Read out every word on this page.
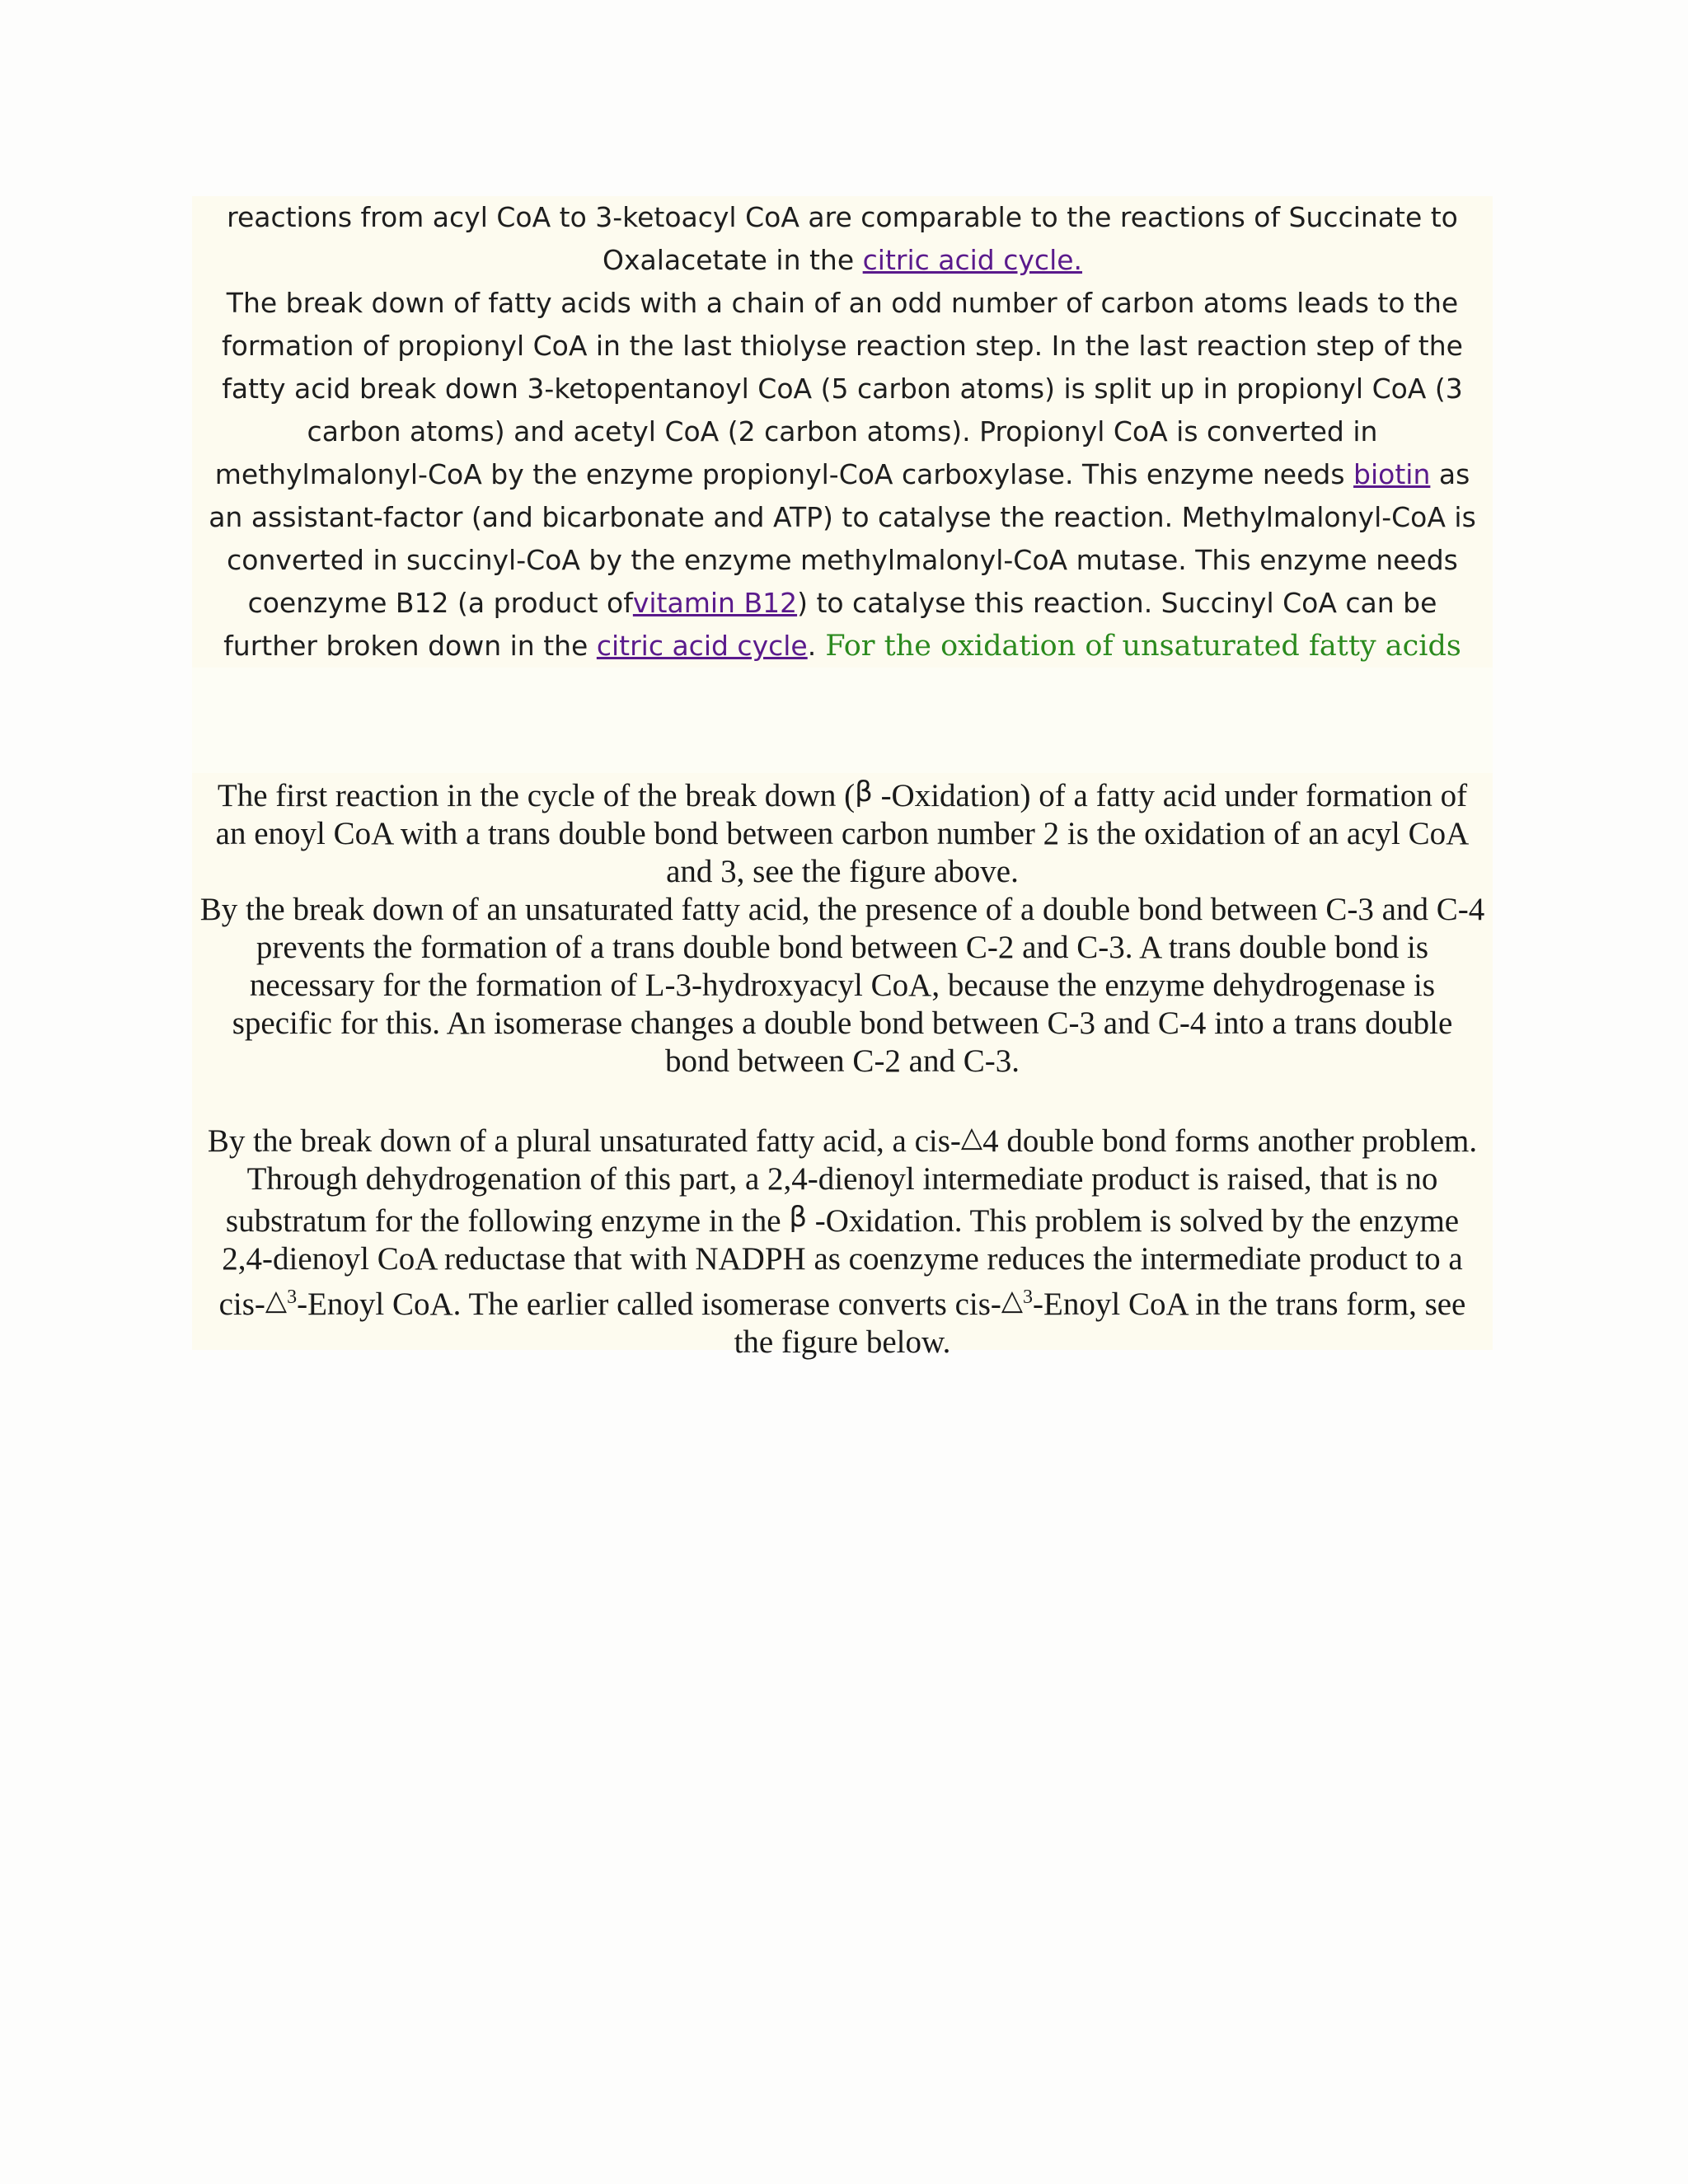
reactions from acyl CoA to 3-ketoacyl CoA are comparable to the reactions of Succinate to Oxalacetate in the citric acid cycle.

The break down of fatty acids with a chain of an odd number of carbon atoms leads to the formation of propionyl CoA in the last thiolyse reaction step. In the last reaction step of the fatty acid break down 3-ketopentanoyl CoA (5 carbon atoms) is split up in propionyl CoA (3 carbon atoms) and acetyl CoA (2 carbon atoms). Propionyl CoA is converted in methylmalonyl-CoA by the enzyme propionyl-CoA carboxylase. This enzyme needs biotin as an assistant-factor (and bicarbonate and ATP) to catalyse the reaction. Methylmalonyl-CoA is converted in succinyl-CoA by the enzyme methylmalonyl-CoA mutase. This enzyme needs coenzyme B12 (a product ofvitamin B12) to catalyse this reaction. Succinyl CoA can be further broken down in the citric acid cycle. For the oxidation of unsaturated fatty acids

The first reaction in the cycle of the break down (β -Oxidation) of a fatty acid under formation of an enoyl CoA with a trans double bond between carbon number 2 is the oxidation of an acyl CoA and 3, see the figure above.

By the break down of an unsaturated fatty acid, the presence of a double bond between C-3 and C-4 prevents the formation of a trans double bond between C-2 and C-3. A trans double bond is necessary for the formation of L-3-hydroxyacyl CoA, because the enzyme dehydrogenase is specific for this. An isomerase changes a double bond between C-3 and C-4 into a trans double bond between C-2 and C-3.

By the break down of a plural unsaturated fatty acid, a cis-△4 double bond forms another problem. Through dehydrogenation of this part, a 2,4-dienoyl intermediate product is raised, that is no substratum for the following enzyme in the β -Oxidation. This problem is solved by the enzyme 2,4-dienoyl CoA reductase that with NADPH as coenzyme reduces the intermediate product to a cis-△$^3$-Enoyl CoA. The earlier called isomerase converts cis-△$^3$-Enoyl CoA in the trans form, see the figure below.
